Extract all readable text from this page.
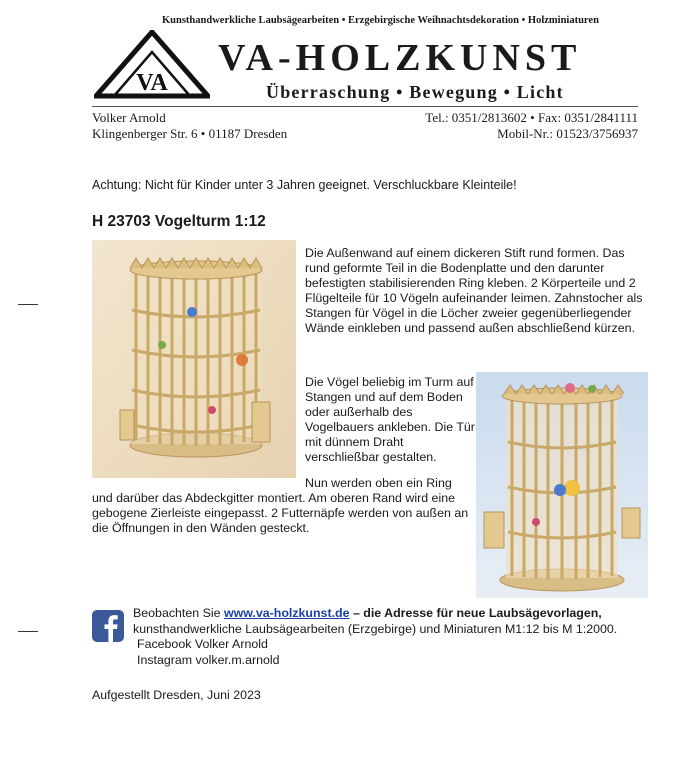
Kunsthandwerkliche Laubsägearbeiten • Erzgebirgische Weihnachtsdekoration • Holzminiaturen
VA
VA-HOLZKUNST
Überraschung • Bewegung • Licht
Volker Arnold
Klingenberger Str. 6 • 01187 Dresden
Tel.: 0351/2813602 • Fax: 0351/2841111
Mobil-Nr.: 01523/3756937
Achtung: Nicht für Kinder unter 3 Jahren geeignet. Verschluckbare Kleinteile!
H 23703 Vogelturm 1:12
Die Außenwand auf einem dickeren Stift rund formen. Das rund geformte Teil in die Bodenplatte und den darunter befestigten stabilisierenden Ring kleben. 2 Körperteile und 2 Flügelteile für 10 Vögeln aufeinander leimen. Zahnstocher als Stangen für Vögel in die Löcher zweier gegenüberliegender Wände einkleben und passend außen abschließend kürzen.
Die Vögel beliebig im Turm auf Stangen und auf dem Boden oder außerhalb des Vogelbauers ankleben. Die Tür mit dünnem Draht verschließbar gestalten.
Nun werden oben ein Ring
und darüber das Abdeckgitter montiert. Am oberen Rand wird eine gebogene Zierleiste eingepasst. 2 Futternäpfe werden von außen an die Öffnungen in den Wänden gesteckt.
Beobachten Sie www.va-holzkunst.de – die Adresse für neue Laubsägevorlagen,
kunsthandwerkliche Laubsägearbeiten (Erzgebirge) und Miniaturen M1:12 bis M 1:2000.
Facebook Volker Arnold
Instagram volker.m.arnold
Aufgestellt Dresden, Juni 2023
